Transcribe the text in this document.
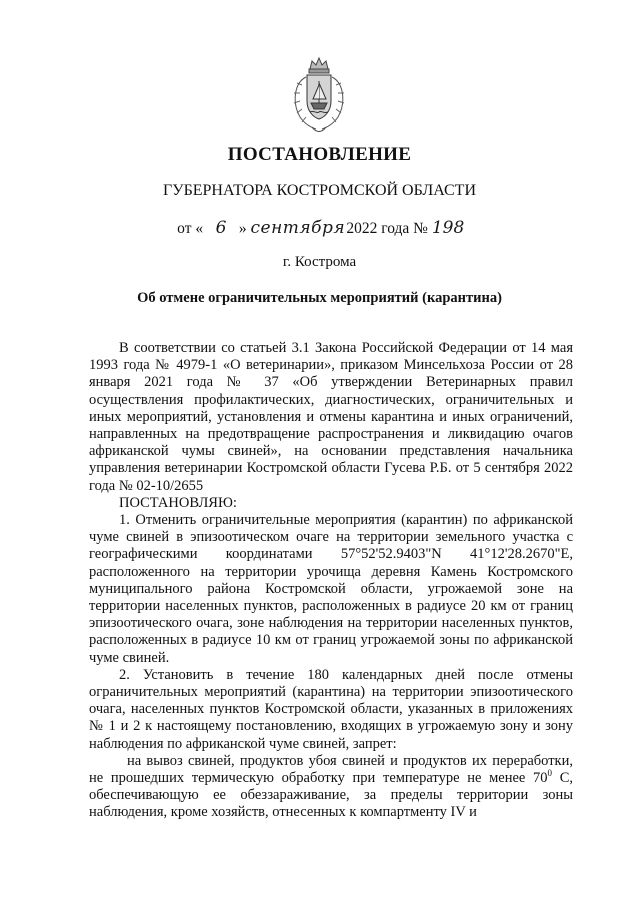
ПОСТАНОВЛЕНИЕ
ГУБЕРНАТОРА КОСТРОМСКОЙ ОБЛАСТИ
от « 6 » сентября 2022 года № 198
г. Кострома
Об отмене ограничительных мероприятий (карантина)

В соответствии со статьей 3.1 Закона Российской Федерации от 14 мая 1993 года № 4979-1 «О ветеринарии», приказом Минсельхоза России от 28 января 2021 года № 37 «Об утверждении Ветеринарных правил осуществления профилактических, диагностических, ограничительных и иных мероприятий, установления и отмены карантина и иных ограничений, направленных на предотвращение распространения и ликвидацию очагов африканской чумы свиней», на основании представления начальника управления ветеринарии Костромской области Гусева Р.Б. от 5 сентября 2022 года № 02-10/2655

ПОСТАНОВЛЯЮ:

1. Отменить ограничительные мероприятия (карантин) по африканской чуме свиней в эпизоотическом очаге на территории земельного участка с географическими координатами 57°52'52.9403"N 41°12'28.2670"E, расположенного на территории урочища деревня Камень Костромского муниципального района Костромской области, угрожаемой зоне на территории населенных пунктов, расположенных в радиусе 20 км от границ эпизоотического очага, зоне наблюдения на территории населенных пунктов, расположенных в радиусе 10 км от границ угрожаемой зоны по африканской чуме свиней.

2. Установить в течение 180 календарных дней после отмены ограничительных мероприятий (карантина) на территории эпизоотического очага, населенных пунктов Костромской области, указанных в приложениях № 1 и 2 к настоящему постановлению, входящих в угрожаемую зону и зону наблюдения по африканской чуме свиней, запрет:

на вывоз свиней, продуктов убоя свиней и продуктов их переработки, не прошедших термическую обработку при температуре не менее $70^0$ С, обеспечивающую ее обеззараживание, за пределы территории зоны наблюдения, кроме хозяйств, отнесенных к компартменту IV и
